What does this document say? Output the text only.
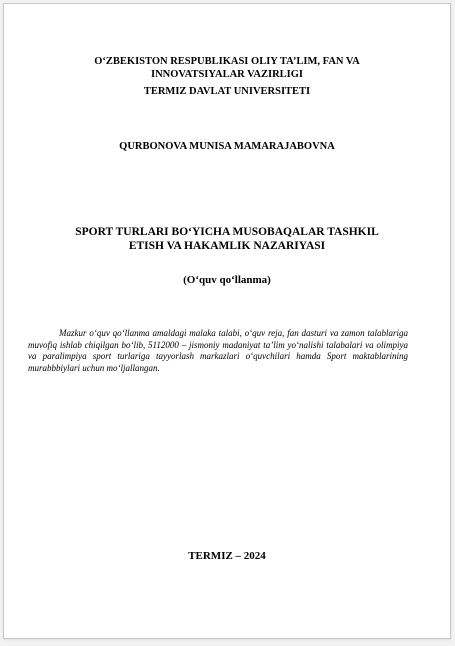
O‘ZBEKISTON RESPUBLIKASI OLIY TA’LIM, FAN VA
INNOVATSIYALAR VAZIRLIGI
TERMIZ DAVLAT UNIVERSITETI
QURBONOVA MUNISA MAMARAJABOVNA
SPORT TURLARI BO‘YICHA MUSOBAQALAR TASHKIL
ETISH VA HAKAMLIK NAZARIYASI
(O‘quv qo‘llanma)

Mazkur o‘quv qo‘llanma amaldagi malaka talabi, o‘quv reja, fan dasturi va zamon talablariga muvofiq ishlab chiqilgan bo‘lib, 5112000 – jismoniy madaniyat ta’lim yo‘nalishi talabalari va olimpiya va paralimpiya sport turlariga tayyorlash markazlari o‘quvchilari hamda Sport maktablarining murabbbiylari uchun mo‘ljallangan.

TERMIZ – 2024
